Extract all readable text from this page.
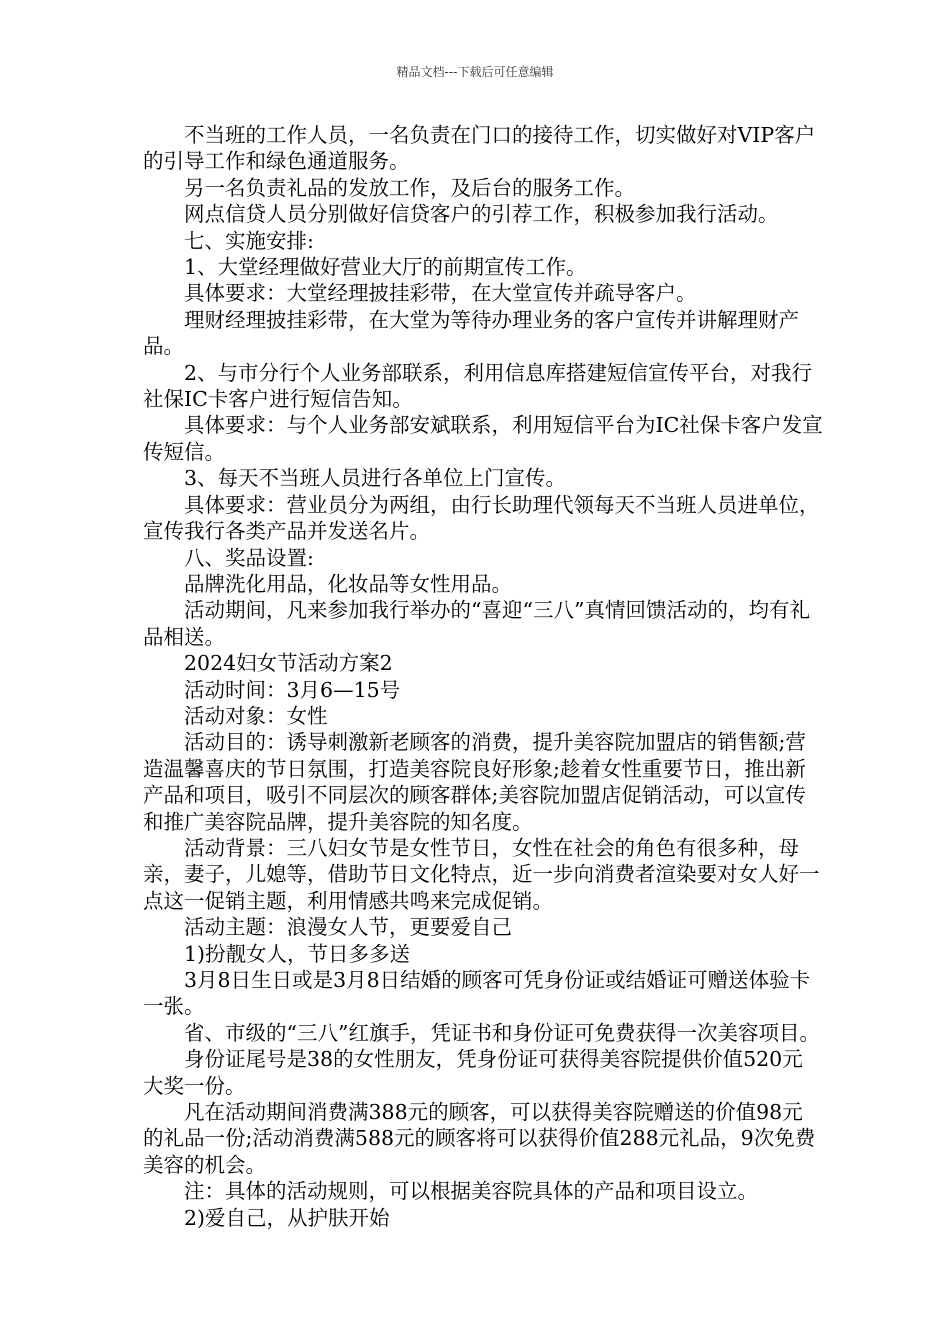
精品文档---下载后可任意编辑

不当班的工作人员，一名负责在门口的接待工作，切实做好对VIP客户的引导工作和绿色通道服务。

另一名负责礼品的发放工作，及后台的服务工作。

网点信贷人员分别做好信贷客户的引荐工作，积极参加我行活动。

七、实施安排:

1、大堂经理做好营业大厅的前期宣传工作。

具体要求：大堂经理披挂彩带，在大堂宣传并疏导客户。

理财经理披挂彩带，在大堂为等待办理业务的客户宣传并讲解理财产品。

2、与市分行个人业务部联系，利用信息库搭建短信宣传平台，对我行社保IC卡客户进行短信告知。

具体要求：与个人业务部安斌联系，利用短信平台为IC社保卡客户发宣传短信。

3、每天不当班人员进行各单位上门宣传。

具体要求：营业员分为两组，由行长助理代领每天不当班人员进单位，宣传我行各类产品并发送名片。

八、奖品设置:

品牌洗化用品，化妆品等女性用品。

活动期间，凡来参加我行举办的“喜迎“三八”真情回馈活动的，均有礼品相送。

2024妇女节活动方案2

活动时间：3月6—15号

活动对象：女性

活动目的：诱导刺激新老顾客的消费，提升美容院加盟店的销售额;营造温馨喜庆的节日氛围，打造美容院良好形象;趁着女性重要节日，推出新产品和项目，吸引不同层次的顾客群体;美容院加盟店促销活动，可以宣传和推广美容院品牌，提升美容院的知名度。

活动背景：三八妇女节是女性节日，女性在社会的角色有很多种，母亲，妻子，儿媳等，借助节日文化特点，近一步向消费者渲染要对女人好一点这一促销主题，利用情感共鸣来完成促销。

活动主题：浪漫女人节，更要爱自己

1)扮靓女人，节日多多送

3月8日生日或是3月8日结婚的顾客可凭身份证或结婚证可赠送体验卡一张。

省、市级的“三八”红旗手，凭证书和身份证可免费获得一次美容项目。

身份证尾号是38的女性朋友，凭身份证可获得美容院提供价值520元大奖一份。

凡在活动期间消费满388元的顾客，可以获得美容院赠送的价值98元的礼品一份;活动消费满588元的顾客将可以获得价值288元礼品，9次免费美容的机会。

注：具体的活动规则，可以根据美容院具体的产品和项目设立。

2)爱自己，从护肤开始
